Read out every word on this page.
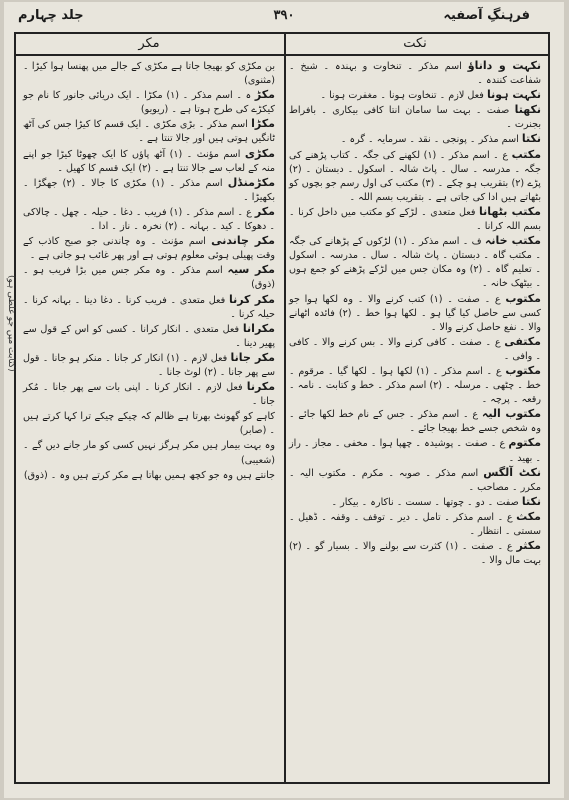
فرہنگِ آصفیہ
۳۹۰
جلد چہارم
نکت

نکہت و داناؤ اسم مذکر ۔ تنخاوت و بہندہ ۔ شیخ ۔ شفاعت کنندہ ۔

نکہت ہونا فعل لازم ۔ تنخاوت ہونا ۔ مغفرت ہونا ۔

نکھتا صفت ۔ بہت سا سامان انتا کافی بیکاری ۔ بافراط بجنرت ۔

نکتا اسم مذکر ۔ پونجی ۔ نقد ۔ سرمایہ ۔ گرہ ۔

مکتب ع ۔ اسم مذکر ۔ (۱) لکھنے کی جگہ ۔ کتاب پڑھنے کی جگہ ۔ مدرسہ ۔ سال ۔ پاٹ شالہ ۔ اسکول ۔ دبستان ۔ (۲) پڑے (۲) بتقریب ہو چکے ۔ (۳) مکتب کی اول رسم جو بچوں کو بٹھاتے ہیں ادا کی جاتی ہے ۔ بتقریب بسم اللہ ۔

مکتب بٹھانا فعل متعدی ۔ لڑکے کو مکتب میں داخل کرنا ۔ بسم اللہ کرانا ۔

مکتب خانہ ف ۔ اسم مذکر ۔ (۱) لڑکوں کے پڑھانے کی جگہ ۔ مکتب گاہ ۔ دبستان ۔ پاٹ شالہ ۔ سال ۔ مدرسہ ۔ اسکول ۔ تعلیم گاہ ۔ (۲) وہ مکان جس میں لڑکے پڑھنے کو جمع ہوں ۔ بیٹھک خانہ ۔

مکتوب ع ۔ صفت ۔ (۱) کتب کرنے والا ۔ وہ لکھا ہوا جو کسی سے حاصل کیا گیا ہو ۔ لکھا ہوا خط ۔ (۲) فائدہ اٹھانے والا ۔ نفع حاصل کرنے والا ۔

مکتفی ع ۔ صفت ۔ کافی کرنے والا ۔ بس کرنے والا ۔ کافی ۔ وافی ۔

مکتوب ع ۔ اسم مذکر ۔ (۱) لکھا ہوا ۔ لکھا گیا ۔ مرقوم ۔ خط ۔ چٹھی ۔ مرسلہ ۔ (۲) اسم مذکر ۔ خط و کتابت ۔ نامہ ۔ رقعہ ۔ پرچہ ۔

مکتوب الیہ ع ۔ اسم مذکر ۔ جس کے نام خط لکھا جائے ۔ وہ شخص جسے خط بھیجا جائے ۔

مکتوم ع ۔ صفت ۔ پوشیدہ ۔ چھپا ہوا ۔ مخفی ۔ مجاز ۔ راز ۔ بھید ۔

نکٹ آلگس اسم مذکر ۔ صوبہ ۔ مکرم ۔ مکتوب الیہ ۔ مکرر ۔ مصاحب ۔

نکتا صفت ۔ دو ۔ چوتھا ۔ سست ۔ ناکارہ ۔ بیکار ۔

مکث ع ۔ اسم مذکر ۔ تامل ۔ دیر ۔ توقف ۔ وقفہ ۔ ڈھیل ۔ سستی ۔ انتظار ۔

مکثر ع ۔ صفت ۔ (۱) کثرت سے بولنے والا ۔ بسیار گو ۔ (۲) بہت مال والا ۔

مکر

بن مکڑی کو بھیجا جاتا ہے مکڑی کے جالے میں پھنسا ہوا کیڑا ۔ (مثنوی)

مکڑ ہ ۔ اسم مذکر ۔ (۱) مکڑا ۔ ایک دریائی جانور کا نام جو کیکڑے کی طرح ہوتا ہے ۔ (ریویو)

مکڑا اسم مذکر ۔ بڑی مکڑی ۔ ایک قسم کا کیڑا جس کی آٹھ ٹانگیں ہوتی ہیں اور جالا تنتا ہے ۔

مکڑی اسم مؤنث ۔ (۱) آٹھ پاؤں کا ایک چھوٹا کیڑا جو اپنے منہ کے لعاب سے جالا تنتا ہے ۔ (۲) ایک قسم کا کھیل ۔

مکڑمنڈل اسم مذکر ۔ (۱) مکڑی کا جالا ۔ (۲) جھگڑا ۔ بکھیڑا ۔

مکر ع ۔ اسم مذکر ۔ (۱) فریب ۔ دغا ۔ حیلہ ۔ چھل ۔ چالاکی ۔ دھوکا ۔ کید ۔ بہانہ ۔ (۲) نخرہ ۔ ناز ۔ ادا ۔

مکر چاندنی اسم مؤنث ۔ وہ چاندنی جو صبح کاذب کے وقت پھیلی ہوئی معلوم ہوتی ہے اور پھر غائب ہو جاتی ہے ۔

مکر سیہ اسم مذکر ۔ وہ مکر جس میں بڑا فریب ہو ۔ (ذوق)

مکر کرنا فعل متعدی ۔ فریب کرنا ۔ دغا دینا ۔ بہانہ کرنا ۔ حیلہ کرنا ۔

مکرانا فعل متعدی ۔ انکار کرانا ۔ کسی کو اس کے قول سے پھیر دینا ۔

مکر جانا فعل لازم ۔ (۱) انکار کر جانا ۔ منکر ہو جانا ۔ قول سے پھر جانا ۔ (۲) لوٹ جانا ۔

مکرنا فعل لازم ۔ انکار کرنا ۔ اپنی بات سے پھر جانا ۔ مُکر جانا ۔

کاہے کو گھونٹ بھرتا ہے ظالم کہ چیکے چیکے ترا کہا کرتے ہیں ۔ (صابر)

وہ بہت بیمار ہیں مکر ہرگز نہیں کسی کو مار جانے دیں گے ۔ (شعیبی)

جانتے ہیں وہ جو کچھ ہمیں بھاتا ہے مکر کرتے ہیں وہ ۔ (ذوق)

(کتابت میں جو غلطی ہو)
